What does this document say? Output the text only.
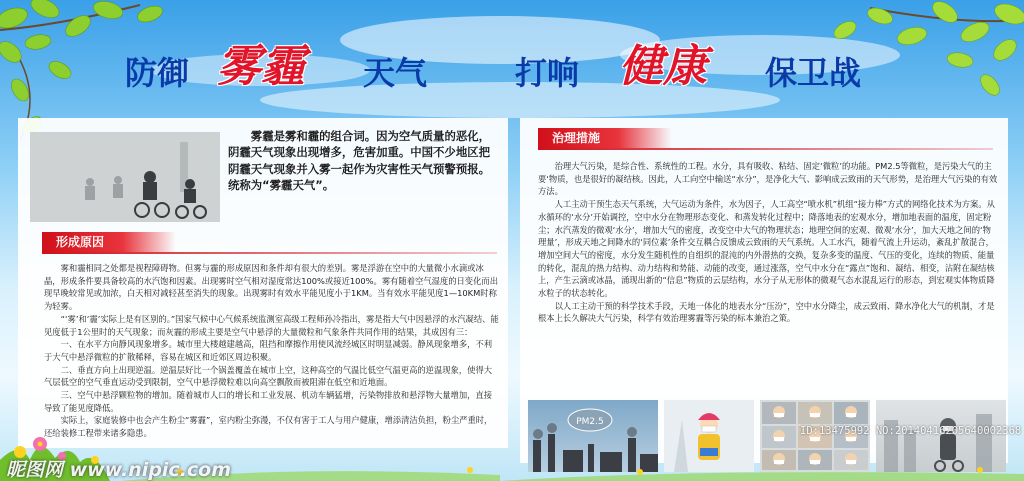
防御 雾霾 天气	打响 健康 保卫战

雾霾是雾和霾的组合词。因为空气质量的恶化，阴霾天气现象出现增多，危害加重。中国不少地区把阴霾天气现象并入雾一起作为灾害性天气预警预报。统称为“雾霾天气”。

形成原因

雾和霾相同之处都是视程障碍物。但雾与霾的形成原因和条件却有很大的差别。雾是浮游在空中的大量微小水滴或冰晶，形成条件要具备较高的水汽饱和因素。出现雾时空气相对湿度常达100%或接近100%。雾有随着空气湿度的日变化而出现早晚较常见或加浓，白天相对减轻甚至消失的现象。出现雾时有效水平能见度小于1KM。当有效水平能见度1—10KM时称为轻雾。

“‘雾’和‘霾’实际上是有区别的。”国家气候中心气候系统监测室高级工程师孙冷指出，雾是指大气中因悬浮的水汽凝结、能见度低于1公里时的天气现象；而灰霾的形成主要是空气中悬浮的大量微粒和气象条件共同作用的结果，其成因有三：

一、在水平方向静风现象增多。城市里大楼越建越高，阻挡和摩擦作用使风流经城区时明显减弱。静风现象增多，不利于大气中悬浮微粒的扩散稀释，容易在城区和近郊区周边积聚。

二、垂直方向上出现逆温。逆温层好比一个锅盖覆盖在城市上空，这种高空的气温比低空气温更高的逆温现象，使得大气层低空的空气垂直运动受到限制，空气中悬浮微粒难以向高空飘散而被阻滞在低空和近地面。

三、空气中悬浮颗粒物的增加。随着城市人口的增长和工业发展、机动车辆猛增，污染物排放和悬浮物大量增加，直接导致了能见度降低。

实际上，家庭装修中也会产生粉尘“雾霾”，室内粉尘弥漫，不仅有害于工人与用户健康，增添清洁负担，粉尘严重时，还给装修工程带来诸多隐患。

治理措施

治理大气污染，是综合性、系统性的工程。水分，具有吸收、粘结、固定‘微粒’的功能。PM2.5等微粒，是污染大气的主要‘物质，也是很好的凝结核。因此，人工向空中输送“水分”，是净化大气、影响成云致雨的天气形势，是治理大气污染的有效方法。

人工主动干预生态天气系统，大气运动为条件，水为因子，人工高空“喷水机”机组“接力棒”方式的网络化技术为方案。从水循环的‘水分’开始调控，空中水分在物理形态变化、和蒸发转化过程中；降落地表的宏观水分，增加地表面的温度，固定粉尘；水汽蒸发的微观‘水分’，增加大气的密度，改变空中大气的物理状态；地理空间的宏观、微观‘水分’，加大天地之间的‘物理量’，形成天地之间降水的‘同位素’条件交互耦合反馈成云致雨的天气系统。人工水汽，随着气流上升运动，紊乱扩散混合，增加空间大气的密度，水分发生随机性的自组织的混沌的内外潜热的交换，复杂多变的温度、气压的变化，连续的物质、能量的转化，混乱的热力结构、动力结构和势能、动能的改变，通过涨落，空气中水分在“露点”饱和、凝结、相变，沾附在凝结核上，产生云滴或冰晶，涌现出新的“信息”物质的云层结构，水分子从无形体的微观气态水混乱运行的形态，到宏观实体物质降水粒子的状态转化。

以人工主动干预的科学技术手段，天地一体化的地表水分“压汾”，空中水分降尘，成云致雨、降水净化大气的机制，才是根本上长久解决大气污染，科学有效治理雾霾等污染的标本兼治之策。

PM2.5
ID:13475992 NO:20140416205640002368
昵图网 www.nipic.com
